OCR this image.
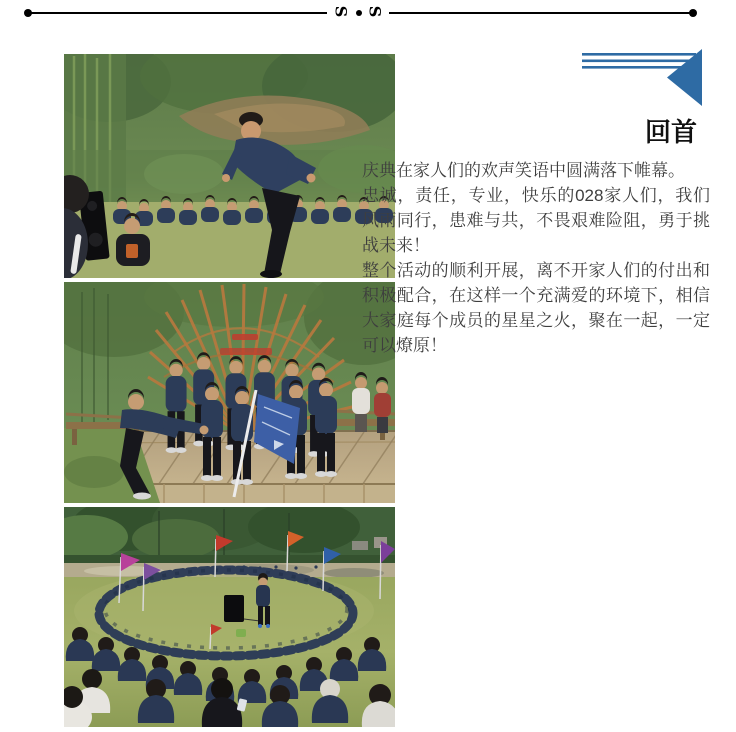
S S
回首

庆典在家人们的欢声笑语中圆满落下帷幕。

忠诚，责任，专业，快乐的028家人们，我们风雨同行，患难与共，不畏艰难险阻，勇于挑战未来！

整个活动的顺利开展，离不开家人们的付出和积极配合，在这样一个充满爱的环境下，相信大家庭每个成员的星星之火，聚在一起，一定可以燎原！
